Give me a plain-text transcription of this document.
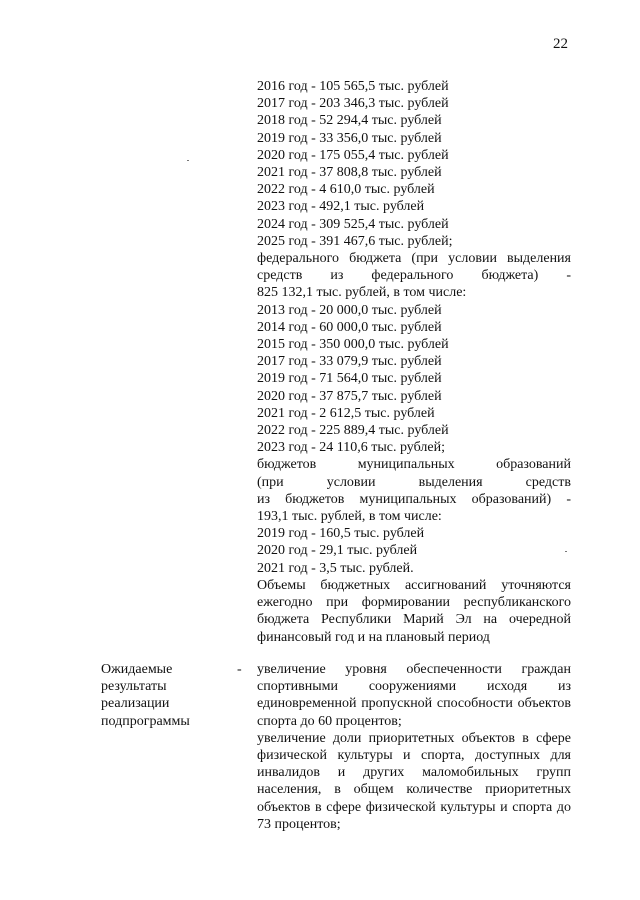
22
2016 год - 105 565,5 тыс. рублей
2017 год - 203 346,3 тыс. рублей
2018 год - 52 294,4 тыс. рублей
2019 год - 33 356,0 тыс. рублей
2020 год - 175 055,4 тыс. рублей
2021 год - 37 808,8 тыс. рублей
2022 год - 4 610,0 тыс. рублей
2023 год - 492,1 тыс. рублей
2024 год - 309 525,4 тыс. рублей
2025 год - 391 467,6 тыс. рублей;
федерального бюджета (при условии выделения
средств из федерального бюджета) -
825 132,1 тыс. рублей, в том числе:
2013 год - 20 000,0 тыс. рублей
2014 год - 60 000,0 тыс. рублей
2015 год - 350 000,0 тыс. рублей
2017 год - 33 079,9 тыс. рублей
2019 год - 71 564,0 тыс. рублей
2020 год - 37 875,7 тыс. рублей
2021 год - 2 612,5 тыс. рублей
2022 год - 225 889,4 тыс. рублей
2023 год - 24 110,6 тыс. рублей;
бюджетов муниципальных образований
(при условии выделения средств
из бюджетов муниципальных образований) -
193,1 тыс. рублей, в том числе:
2019 год - 160,5 тыс. рублей
2020 год - 29,1 тыс. рублей
2021 год - 3,5 тыс. рублей.
Объемы бюджетных ассигнований уточняются ежегодно при формировании республиканского бюджета Республики Марий Эл на очередной финансовый год и на плановый период
Ожидаемые результаты реализации подпрограммы
- увеличение уровня обеспеченности граждан спортивными сооружениями исходя из единовременной пропускной способности объектов спорта до 60 процентов;
увеличение доли приоритетных объектов в сфере физической культуры и спорта, доступных для инвалидов и других маломобильных групп населения, в общем количестве приоритетных объектов в сфере физической культуры и спорта до 73 процентов;
